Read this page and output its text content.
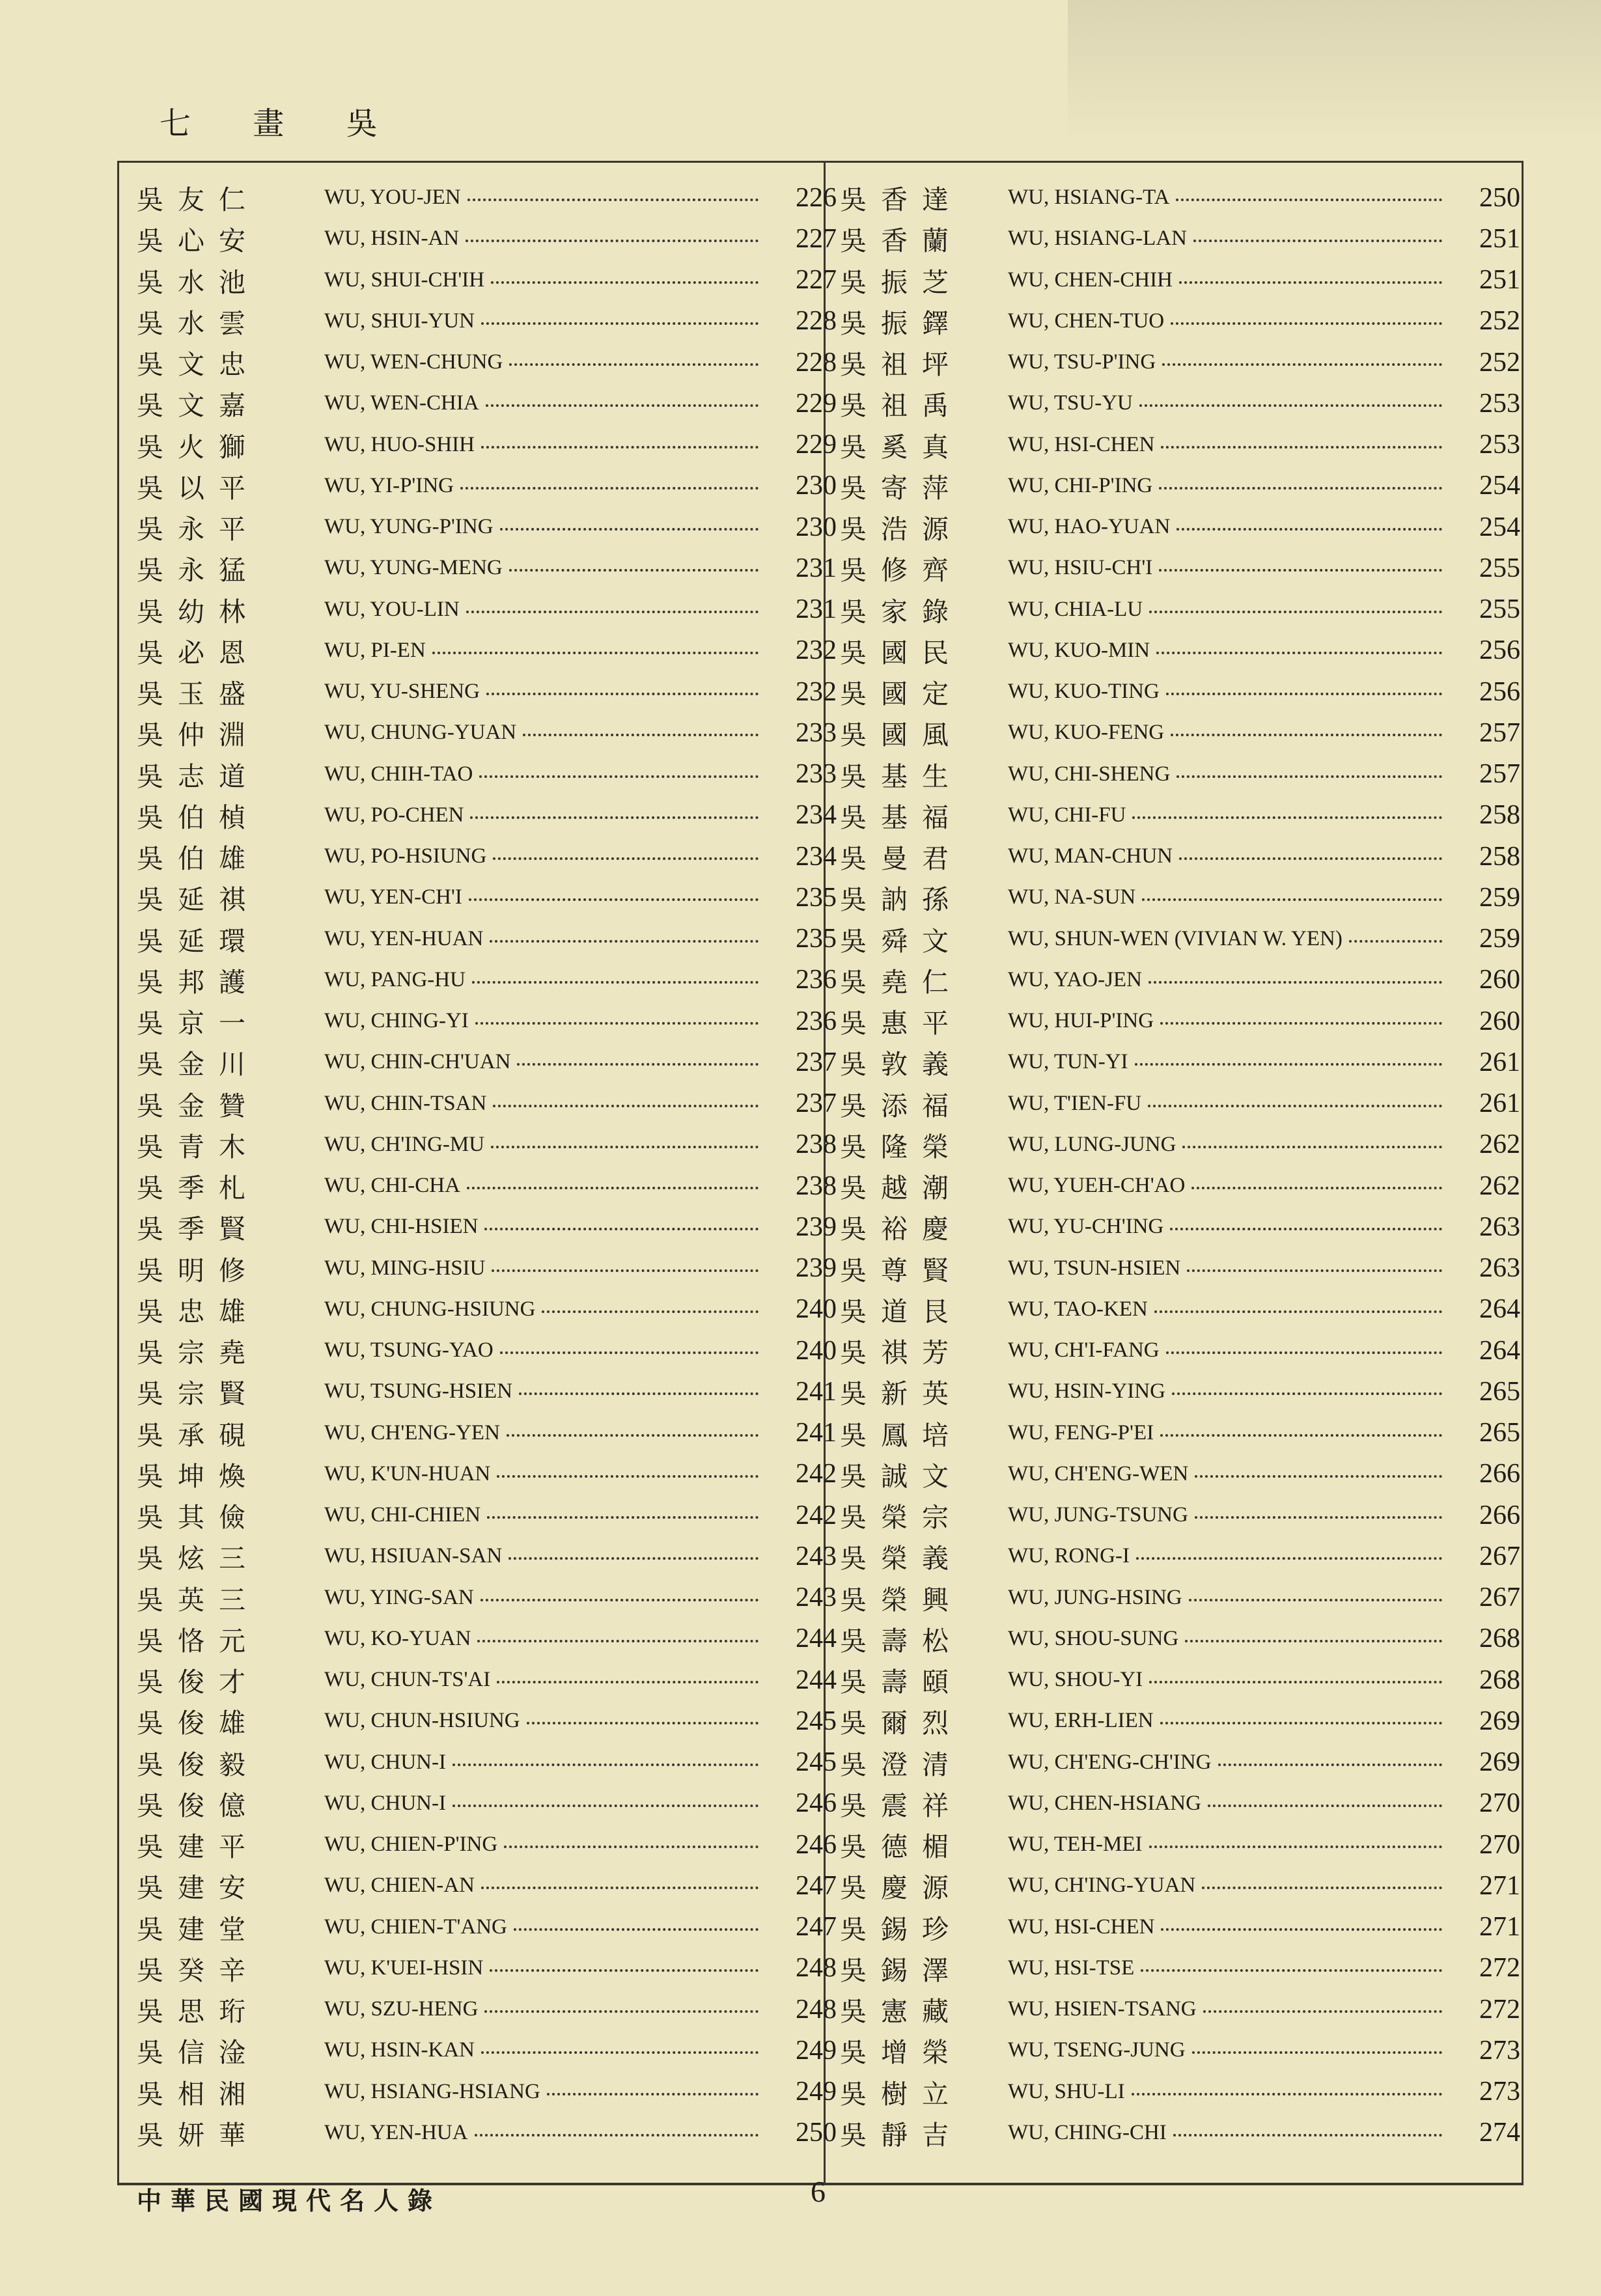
七 畫 吳
吳友仁	WU, YOU-JEN	226
吳心安	WU, HSIN-AN	227
吳水池	WU, SHUI-CH'IH	227
吳水雲	WU, SHUI-YUN	228
吳文忠	WU, WEN-CHUNG	228
吳文嘉	WU, WEN-CHIA	229
吳火獅	WU, HUO-SHIH	229
吳以平	WU, YI-P'ING	230
吳永平	WU, YUNG-P'ING	230
吳永猛	WU, YUNG-MENG	231
吳幼林	WU, YOU-LIN	231
吳必恩	WU, PI-EN	232
吳玉盛	WU, YU-SHENG	232
吳仲淵	WU, CHUNG-YUAN	233
吳志道	WU, CHIH-TAO	233
吳伯楨	WU, PO-CHEN	234
吳伯雄	WU, PO-HSIUNG	234
吳延祺	WU, YEN-CH'I	235
吳延環	WU, YEN-HUAN	235
吳邦護	WU, PANG-HU	236
吳京一	WU, CHING-YI	236
吳金川	WU, CHIN-CH'UAN	237
吳金贊	WU, CHIN-TSAN	237
吳青木	WU, CH'ING-MU	238
吳季札	WU, CHI-CHA	238
吳季賢	WU, CHI-HSIEN	239
吳明修	WU, MING-HSIU	239
吳忠雄	WU, CHUNG-HSIUNG	240
吳宗堯	WU, TSUNG-YAO	240
吳宗賢	WU, TSUNG-HSIEN	241
吳承硯	WU, CH'ENG-YEN	241
吳坤煥	WU, K'UN-HUAN	242
吳其儉	WU, CHI-CHIEN	242
吳炫三	WU, HSIUAN-SAN	243
吳英三	WU, YING-SAN	243
吳恪元	WU, KO-YUAN	244
吳俊才	WU, CHUN-TS'AI	244
吳俊雄	WU, CHUN-HSIUNG	245
吳俊毅	WU, CHUN-I	245
吳俊億	WU, CHUN-I	246
吳建平	WU, CHIEN-P'ING	246
吳建安	WU, CHIEN-AN	247
吳建堂	WU, CHIEN-T'ANG	247
吳癸辛	WU, K'UEI-HSIN	248
吳思珩	WU, SZU-HENG	248
吳信淦	WU, HSIN-KAN	249
吳相湘	WU, HSIANG-HSIANG	249
吳妍華	WU, YEN-HUA	250
吳香達	WU, HSIANG-TA	250
吳香蘭	WU, HSIANG-LAN	251
吳振芝	WU, CHEN-CHIH	251
吳振鐸	WU, CHEN-TUO	252
吳祖坪	WU, TSU-P'ING	252
吳祖禹	WU, TSU-YU	253
吳奚真	WU, HSI-CHEN	253
吳寄萍	WU, CHI-P'ING	254
吳浩源	WU, HAO-YUAN	254
吳修齊	WU, HSIU-CH'I	255
吳家錄	WU, CHIA-LU	255
吳國民	WU, KUO-MIN	256
吳國定	WU, KUO-TING	256
吳國風	WU, KUO-FENG	257
吳基生	WU, CHI-SHENG	257
吳基福	WU, CHI-FU	258
吳曼君	WU, MAN-CHUN	258
吳訥孫	WU, NA-SUN	259
吳舜文	WU, SHUN-WEN (VIVIAN W. YEN)	259
吳堯仁	WU, YAO-JEN	260
吳惠平	WU, HUI-P'ING	260
吳敦義	WU, TUN-YI	261
吳添福	WU, T'IEN-FU	261
吳隆榮	WU, LUNG-JUNG	262
吳越潮	WU, YUEH-CH'AO	262
吳裕慶	WU, YU-CH'ING	263
吳尊賢	WU, TSUN-HSIEN	263
吳道艮	WU, TAO-KEN	264
吳祺芳	WU, CH'I-FANG	264
吳新英	WU, HSIN-YING	265
吳鳳培	WU, FENG-P'EI	265
吳誠文	WU, CH'ENG-WEN	266
吳榮宗	WU, JUNG-TSUNG	266
吳榮義	WU, RONG-I	267
吳榮興	WU, JUNG-HSING	267
吳壽松	WU, SHOU-SUNG	268
吳壽頤	WU, SHOU-YI	268
吳爾烈	WU, ERH-LIEN	269
吳澄清	WU, CH'ENG-CH'ING	269
吳震祥	WU, CHEN-HSIANG	270
吳德楣	WU, TEH-MEI	270
吳慶源	WU, CH'ING-YUAN	271
吳錫珍	WU, HSI-CHEN	271
吳錫澤	WU, HSI-TSE	272
吳憲藏	WU, HSIEN-TSANG	272
吳增榮	WU, TSENG-JUNG	273
吳樹立	WU, SHU-LI	273
吳靜吉	WU, CHING-CHI	274
中華民國現代名人錄	6
